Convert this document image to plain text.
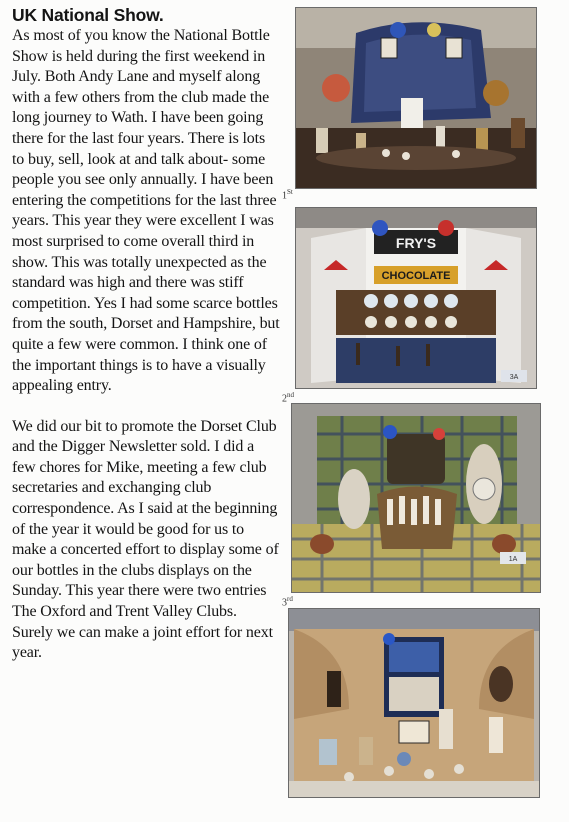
UK National Show.

As most of you know the National Bottle Show is held during the first weekend in July. Both Andy Lane and myself along with a few others from the club made the long journey to Wath. I have been going there for the last four years. There is lots to buy, sell, look at and talk about- some people you see only annually. I have been entering the competitions for the last three years. This year they were excellent I was most surprised to come overall third in show. This was totally unexpected as the standard was high and there was stiff competition. Yes I had some scarce bottles from the south, Dorset and Hampshire, but quite a few were common. I think one of the important things is to have a visually appealing entry.

We did our bit to promote the Dorset Club and the Digger Newsletter sold. I did a few chores for Mike, meeting a few club secretaries and exchanging club correspondence. As I said at the beginning of the year it would be good for us to make a concerted effort to display some of our bottles in the clubs displays on the Sunday. This year there were two entries The Oxford and Trent Valley Clubs. Surely we can make a joint effort for next year.

1St
FRY'S
CHOCOLATE
3A
2nd
1A
3rd
